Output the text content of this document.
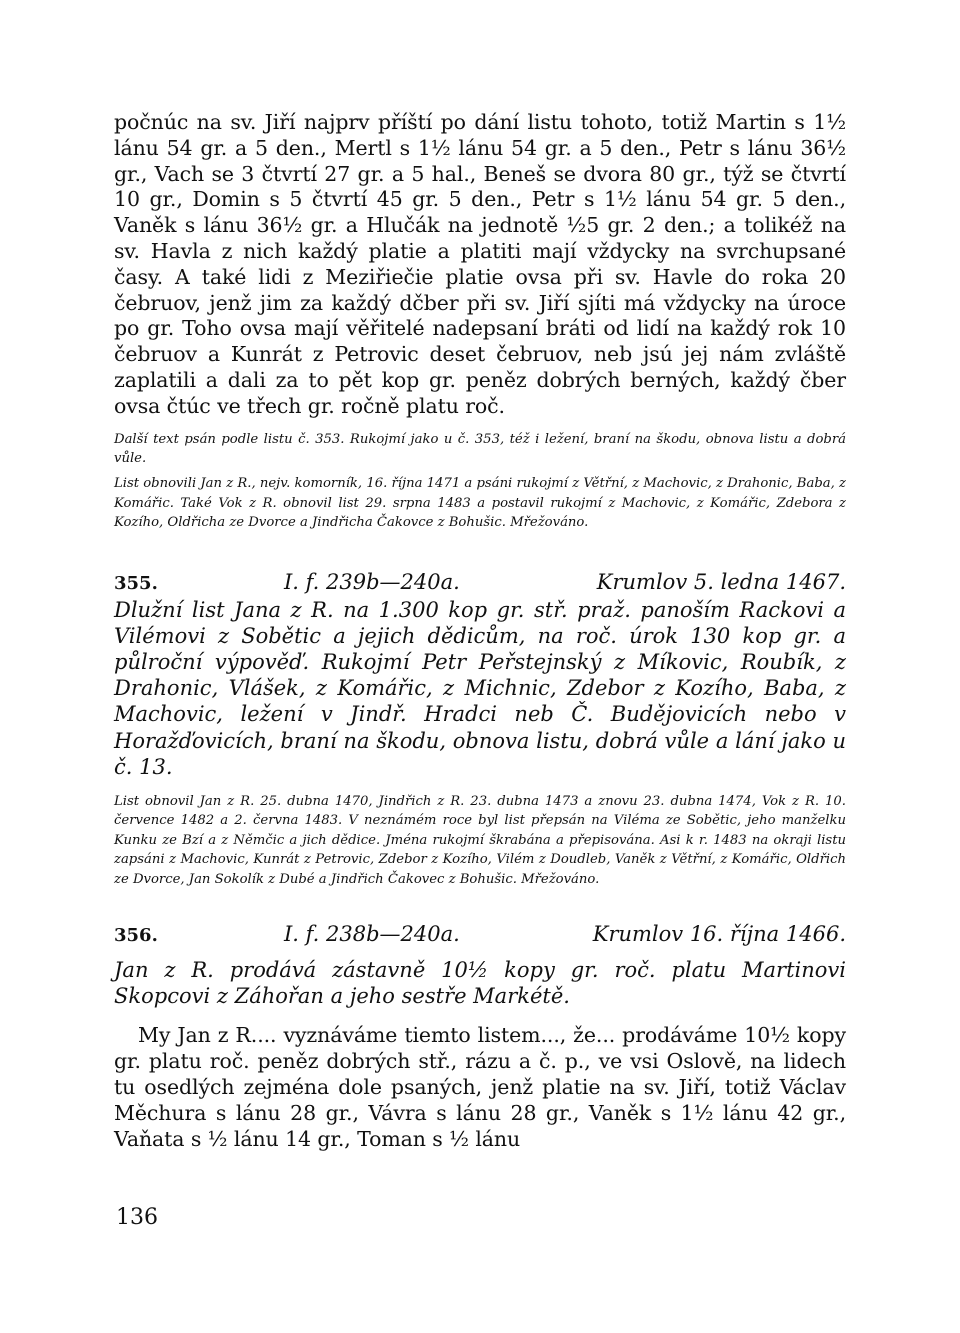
počnúc na sv. Jiří najprv příští po dání listu tohoto, totiž Martin s 1½ lánu 54 gr. a 5 den., Mertl s 1½ lánu 54 gr. a 5 den., Petr s lánu 36½ gr., Vach se 3 čtvrtí 27 gr. a 5 hal., Beneš se dvora 80 gr., týž se čtvrtí 10 gr., Domin s 5 čtvrtí 45 gr. 5 den., Petr s 1½ lánu 54 gr. 5 den., Vaněk s lánu 36½ gr. a Hlučák na jednotě ½5 gr. 2 den.; a tolikéž na sv. Havla z nich každý platie a platiti mají vždycky na svrchupsané časy. A také lidi z Meziřiečie platie ovsa při sv. Havle do roka 20 čebruov, jenž jim za každý dčber při sv. Jiří sjíti má vždycky na úroce po gr. Toho ovsa mají věřitelé nadepsaní bráti od lidí na každý rok 10 čebruov a Kunrát z Petrovic deset čebruov, neb jsú jej nám zvláště zaplatili a dali za to pět kop gr. peněz dobrých berných, každý čber ovsa čtúc ve třech gr. ročně platu roč.

Další text psán podle listu č. 353. Rukojmí jako u č. 353, též i ležení, braní na škodu, obnova listu a dobrá vůle.

List obnovili Jan z R., nejv. komorník, 16. října 1471 a psáni rukojmí z Větřní, z Machovic, z Drahonic, Baba, z Komářic. Také Vok z R. obnovil list 29. srpna 1483 a postavil rukojmí z Machovic, z Komářic, Zdebora z Kozího, Oldřicha ze Dvorce a Jindřicha Čakovce z Bohušic. Mřežováno.

355.	I. f. 239b—240a.	Krumlov 5. ledna 1467.

Dlužní list Jana z R. na 1.300 kop gr. stř. praž. panoším Rackovi a Vilémovi z Sobětic a jejich dědicům, na roč. úrok 130 kop gr. a půlroční výpověď. Rukojmí Petr Peřstejnský z Míkovic, Roubík, z Drahonic, Vlášek, z Komářic, z Michnic, Zdebor z Kozího, Baba, z Machovic, ležení v Jindř. Hradci neb Č. Budějovicích nebo v Horažďovicích, braní na škodu, obnova listu, dobrá vůle a lání jako u č. 13.

List obnovil Jan z R. 25. dubna 1470, Jindřich z R. 23. dubna 1473 a znovu 23. dubna 1474, Vok z R. 10. července 1482 a 2. června 1483. V neznámém roce byl list přepsán na Viléma ze Sobětic, jeho manželku Kunku ze Bzí a z Němčic a jich dědice. Jména rukojmí škrabána a přepisována. Asi k r. 1483 na okraji listu zapsáni z Machovic, Kunrát z Petrovic, Zdebor z Kozího, Vilém z Doudleb, Vaněk z Větřní, z Komářic, Oldřich ze Dvorce, Jan Sokolík z Dubé a Jindřich Čakovec z Bohušic. Mřežováno.

356.	I. f. 238b—240a.	Krumlov 16. října 1466.

Jan z R. prodává zástavně 10½ kopy gr. roč. platu Martinovi Skopcovi z Záhořan a jeho sestře Markétě.

My Jan z R.... vyznáváme tiemto listem..., že... prodáváme 10½ kopy gr. platu roč. peněz dobrých stř., rázu a č. p., ve vsi Oslově, na lidech tu osedlých zejména dole psaných, jenž platie na sv. Jiří, totiž Václav Měchura s lánu 28 gr., Vávra s lánu 28 gr., Vaněk s 1½ lánu 42 gr., Vaňata s ½ lánu 14 gr., Toman s ½ lánu

136
